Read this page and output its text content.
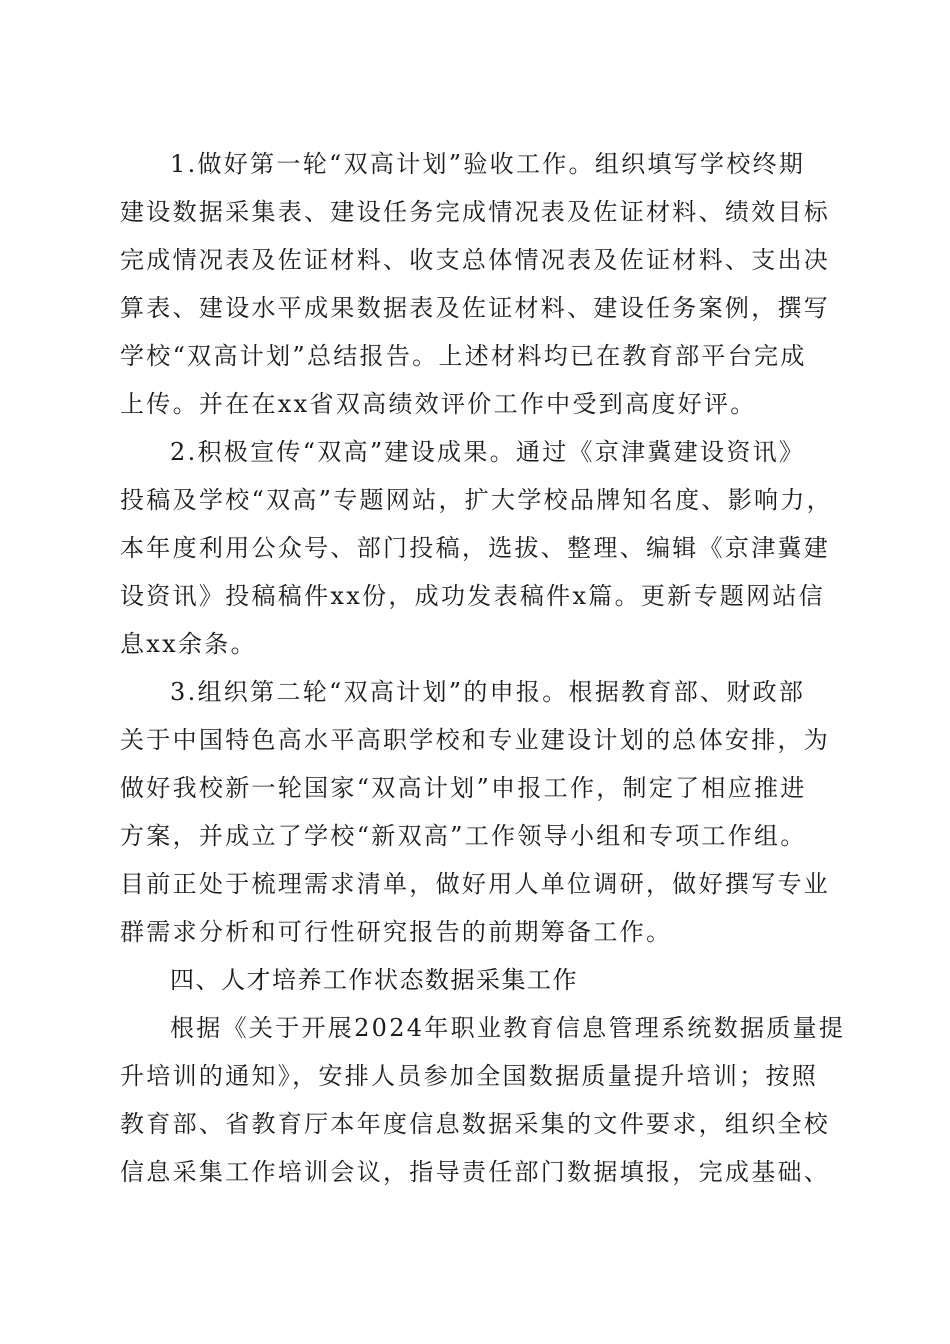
1.做好第一轮“双高计划”验收工作。组织填写学校终期
建设数据采集表、建设任务完成情况表及佐证材料、绩效目标
完成情况表及佐证材料、收支总体情况表及佐证材料、支出决
算表、建设水平成果数据表及佐证材料、建设任务案例，撰写
学校“双高计划”总结报告。上述材料均已在教育部平台完成
上传。并在在xx省双高绩效评价工作中受到高度好评。
2.积极宣传“双高”建设成果。通过《京津冀建设资讯》
投稿及学校“双高”专题网站，扩大学校品牌知名度、影响力，
本年度利用公众号、部门投稿，选拔、整理、编辑《京津冀建
设资讯》投稿稿件xx份，成功发表稿件x篇。更新专题网站信
息xx余条。
3.组织第二轮“双高计划”的申报。根据教育部、财政部
关于中国特色高水平高职学校和专业建设计划的总体安排，为
做好我校新一轮国家“双高计划”申报工作，制定了相应推进
方案，并成立了学校“新双高”工作领导小组和专项工作组。
目前正处于梳理需求清单，做好用人单位调研，做好撰写专业
群需求分析和可行性研究报告的前期筹备工作。
四、人才培养工作状态数据采集工作
根据《关于开展2024年职业教育信息管理系统数据质量提
升培训的通知》，安排人员参加全国数据质量提升培训；按照
教育部、省教育厅本年度信息数据采集的文件要求，组织全校
信息采集工作培训会议，指导责任部门数据填报，完成基础、
